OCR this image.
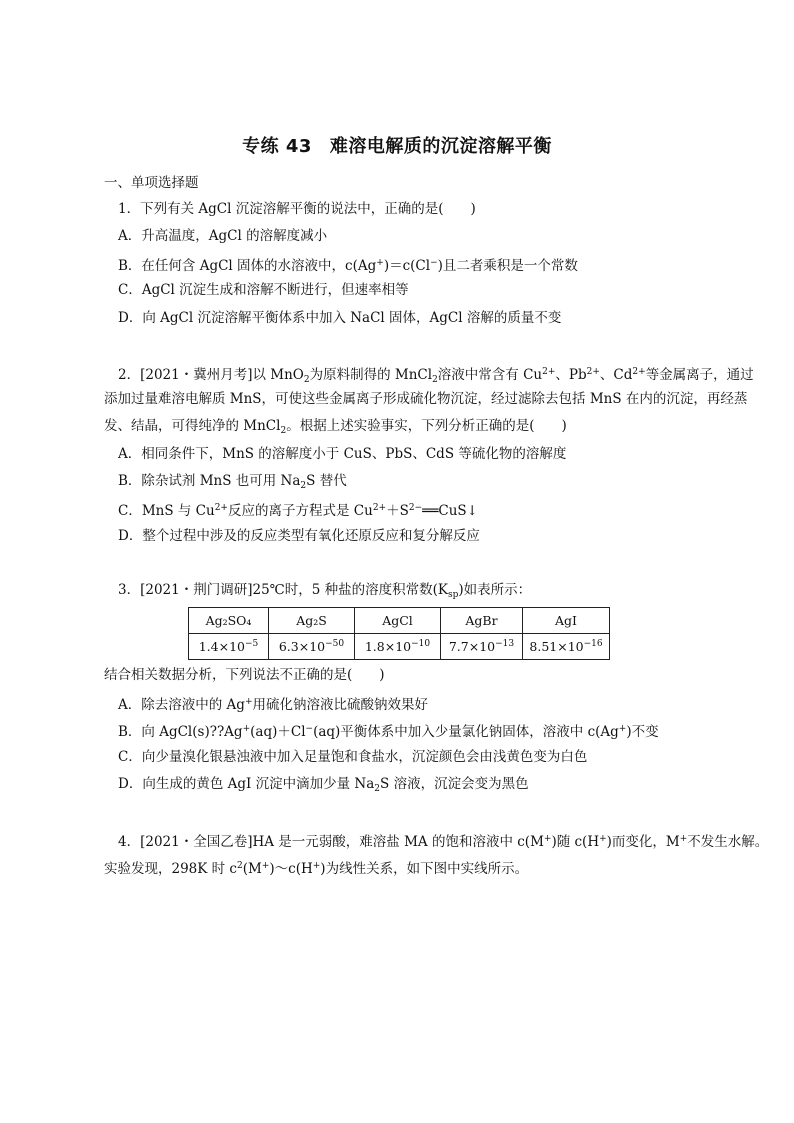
专练 43 难溶电解质的沉淀溶解平衡
一、单项选择题
1．下列有关 AgCl 沉淀溶解平衡的说法中，正确的是(　　)
A．升高温度，AgCl 的溶解度减小
B．在任何含 AgCl 固体的水溶液中，c(Ag+)＝c(Cl−)且二者乘积是一个常数
C．AgCl 沉淀生成和溶解不断进行，但速率相等
D．向 AgCl 沉淀溶解平衡体系中加入 NaCl 固体，AgCl 溶解的质量不变
2．[2021・冀州月考]以 MnO$_2$为原料制得的 MnCl$_2$溶液中常含有 $Cu^{2+}$、$Pb^{2+}$、$Cd^{2+}$等金属离子，通过
添加过量难溶电解质 MnS，可使这些金属离子形成硫化物沉淀，经过滤除去包括 MnS 在内的沉淀，再经蒸
发、结晶，可得纯净的 MnCl$_2$。根据上述实验事实，下列分析正确的是(　　)
A．相同条件下，MnS 的溶解度小于 CuS、PbS、CdS 等硫化物的溶解度
B．除杂试剂 MnS 也可用 $Na_2S$ 替代
C．MnS 与 $Cu^{2+}$反应的离子方程式是 $Cu^{2+}+S^{2-}══CuS↓$
D．整个过程中涉及的反应类型有氧化还原反应和复分解反应
3．[2021・荆门调研]25℃时，5 种盐的溶度积常数$(K_{sp})$如表所示：
Ag₂SO₄	Ag₂S	AgCl	AgBr	AgI
$1.4\times 10^{-5}$	$6.3\times 10^{-50}$	$1.8\times 10^{-10}$	$7.7\times 10^{-13}$	$8.51\times 10^{-16}$
结合相关数据分析，下列说法不正确的是(　　)
A．除去溶液中的 Ag+用硫化钠溶液比硫酸钠效果好
B．向 AgCl(s)??Ag+(aq)＋Cl−(aq)平衡体系中加入少量氯化钠固体，溶液中 c(Ag+)不变
C．向少量溴化银悬浊液中加入足量饱和食盐水，沉淀颜色会由浅黄色变为白色
D．向生成的黄色 AgI 沉淀中滴加少量 $Na_2S$ 溶液，沉淀会变为黑色
4．[2021・全国乙卷]HA 是一元弱酸，难溶盐 MA 的饱和溶液中 c(M+)随 c(H+)而变化，M+不发生水解。
实验发现，298K 时 $c^2(M^+)\sim c(H^+)$为线性关系，如下图中实线所示。
